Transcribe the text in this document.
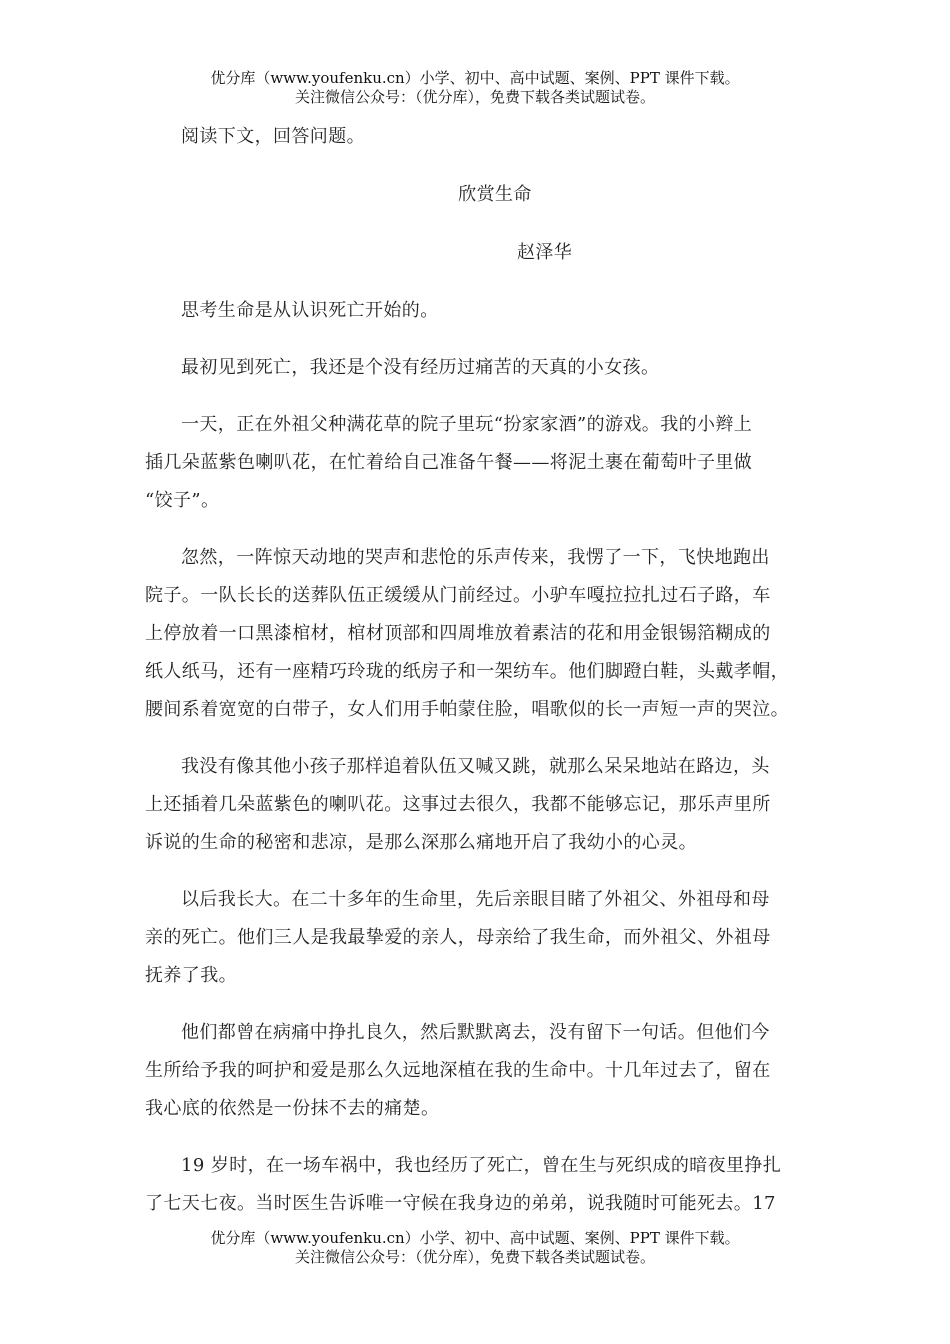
优分库（www.youfenku.cn）小学、初中、高中试题、案例、PPT 课件下载。
关注微信公众号：（优分库），免费下载各类试题试卷。
阅读下文，回答问题。
欣赏生命
赵泽华
思考生命是从认识死亡开始的。
最初见到死亡，我还是个没有经历过痛苦的天真的小女孩。
一天，正在外祖父种满花草的院子里玩“扮家家酒”的游戏。我的小辫上
插几朵蓝紫色喇叭花，在忙着给自己准备午餐——将泥土裹在葡萄叶子里做
“饺子”。
忽然，一阵惊天动地的哭声和悲怆的乐声传来，我愣了一下，飞快地跑出
院子。一队长长的送葬队伍正缓缓从门前经过。小驴车嘎拉拉扎过石子路，车
上停放着一口黑漆棺材，棺材顶部和四周堆放着素洁的花和用金银锡箔糊成的
纸人纸马，还有一座精巧玲珑的纸房子和一架纺车。他们脚蹬白鞋，头戴孝帽，
腰间系着宽宽的白带子，女人们用手帕蒙住脸，唱歌似的长一声短一声的哭泣。
我没有像其他小孩子那样追着队伍又喊又跳，就那么呆呆地站在路边，头
上还插着几朵蓝紫色的喇叭花。这事过去很久，我都不能够忘记，那乐声里所
诉说的生命的秘密和悲凉，是那么深那么痛地开启了我幼小的心灵。
以后我长大。在二十多年的生命里，先后亲眼目睹了外祖父、外祖母和母
亲的死亡。他们三人是我最挚爱的亲人，母亲给了我生命，而外祖父、外祖母
抚养了我。
他们都曾在病痛中挣扎良久，然后默默离去，没有留下一句话。但他们今
生所给予我的呵护和爱是那么久远地深植在我的生命中。十几年过去了，留在
我心底的依然是一份抹不去的痛楚。
19 岁时，在一场车祸中，我也经历了死亡，曾在生与死织成的暗夜里挣扎
了七天七夜。当时医生告诉唯一守候在我身边的弟弟，说我随时可能死去。17
优分库（www.youfenku.cn）小学、初中、高中试题、案例、PPT 课件下载。
关注微信公众号：（优分库），免费下载各类试题试卷。
